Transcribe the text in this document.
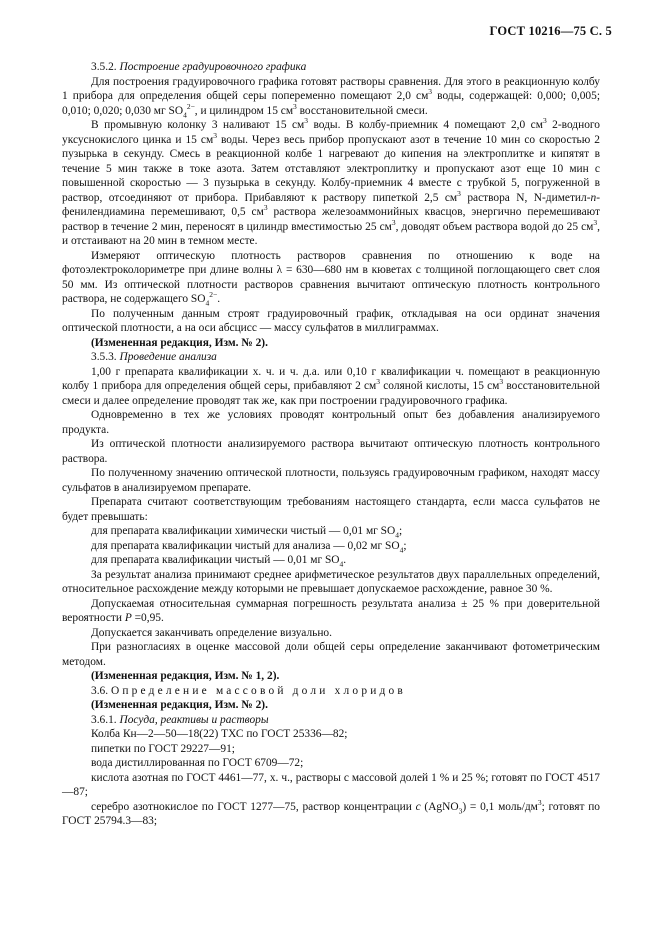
ГОСТ 10216—75 С. 5

3.5.2. Построение градуировочного графика

Для построения градуировочного графика готовят растворы сравнения. Для этого в реакционную колбу 1 прибора для определения общей серы попеременно помещают 2,0 $см^3$ воды, содержащей: 0,000; 0,005; 0,010; 0,020; 0,030 мг $SO_4^{2-}$, и цилиндром 15 $см^3$ восстановительной смеси.

В промывную колонку 3 наливают 15 $см^3$ воды. В колбу-приемник 4 помещают 2,0 $см^3$ 2-водного уксуснокислого цинка и 15 $см^3$ воды. Через весь прибор пропускают азот в течение 10 мин со скоростью 2 пузырька в секунду. Смесь в реакционной колбе 1 нагревают до кипения на электроплитке и кипятят в течение 5 мин также в токе азота. Затем отставляют электроплитку и пропускают азот еще 10 мин с повышенной скоростью — 3 пузырька в секунду. Колбу-приемник 4 вместе с трубкой 5, погруженной в раствор, отсоединяют от прибора. Прибавляют к раствору пипеткой 2,5 $см^3$ раствора N, N-диметил-n-фенилендиамина перемешивают, 0,5 $см^3$ раствора железоаммонийных квасцов, энергично перемешивают раствор в течение 2 мин, переносят в цилиндр вместимостью 25 $см^3$, доводят объем раствора водой до 25 $см^3$, и отстаивают на 20 мин в темном месте.

Измеряют оптическую плотность растворов сравнения по отношению к воде на фотоэлектроколориметре при длине волны λ = 630—680 нм в кюветах с толщиной поглощающего свет слоя 50 мм. Из оптической плотности растворов сравнения вычитают оптическую плотность контрольного раствора, не содержащего $SO_4^{2-}$.

По полученным данным строят градуировочный график, откладывая на оси ординат значения оптической плотности, а на оси абсцисс — массу сульфатов в миллиграммах.

(Измененная редакция, Изм. № 2).

3.5.3. Проведение анализа

1,00 г препарата квалификации х. ч. и ч. д.а. или 0,10 г квалификации ч. помещают в реакционную колбу 1 прибора для определения общей серы, прибавляют 2 $см^3$ соляной кислоты, 15 $см^3$ восстановительной смеси и далее определение проводят так же, как при построении градуировочного графика.

Одновременно в тех же условиях проводят контрольный опыт без добавления анализируемого продукта.

Из оптической плотности анализируемого раствора вычитают оптическую плотность контрольного раствора.

По полученному значению оптической плотности, пользуясь градуировочным графиком, находят массу сульфатов в анализируемом препарате.

Препарата считают соответствующим требованиям настоящего стандарта, если масса сульфатов не будет превышать:

для препарата квалификации химически чистый — 0,01 мг $SO_4$;

для препарата квалификации чистый для анализа — 0,02 мг $SO_4$;

для препарата квалификации чистый — 0,01 мг $SO_4$.

За результат анализа принимают среднее арифметическое результатов двух параллельных определений, относительное расхождение между которыми не превышает допускаемое расхождение, равное 30 %.

Допускаемая относительная суммарная погрешность результата анализа ± 25 % при доверительной вероятности P =0,95.

Допускается заканчивать определение визуально.

При разногласиях в оценке массовой доли общей серы определение заканчивают фотометрическим методом.

(Измененная редакция, Изм. № 1, 2).

3.6. Определение массовой доли хлоридов

(Измененная редакция, Изм. № 2).

3.6.1. Посуда, реактивы и растворы

Колба Кн—2—50—18(22) ТХС по ГОСТ 25336—82;

пипетки по ГОСТ 29227—91;

вода дистиллированная по ГОСТ 6709—72;

кислота азотная по ГОСТ 4461—77, х. ч., растворы с массовой долей 1 % и 25 %; готовят по ГОСТ 4517—87;

серебро азотнокислое по ГОСТ 1277—75, раствор концентрации c (AgNO$_3$) = 0,1 моль/$дм^3$; готовят по ГОСТ 25794.3—83;
